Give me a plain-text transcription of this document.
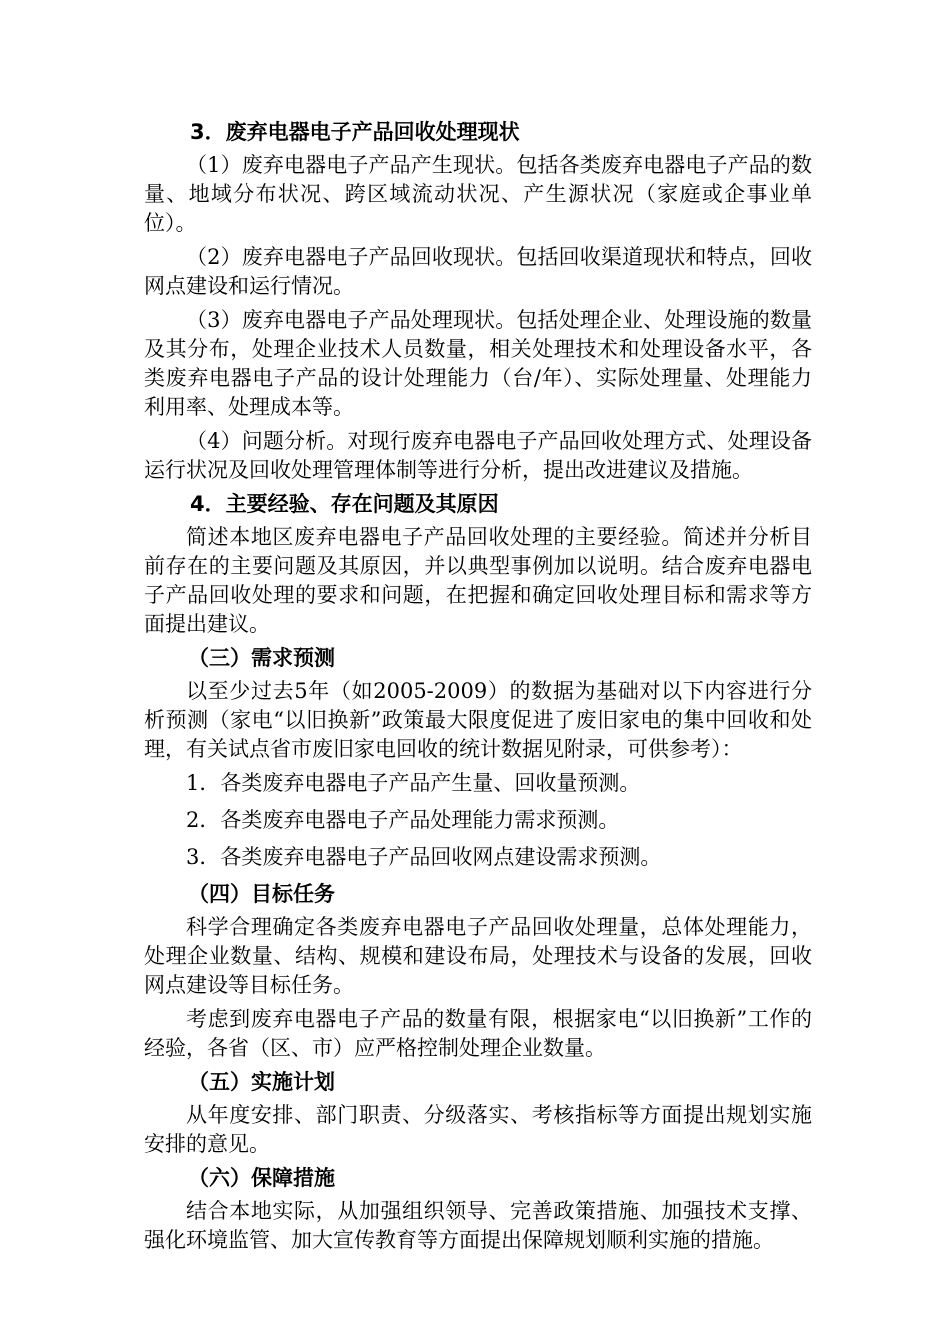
3．废弃电器电子产品回收处理现状

（1）废弃电器电子产品产生现状。包括各类废弃电器电子产品的数量、地域分布状况、跨区域流动状况、产生源状况（家庭或企事业单位）。

（2）废弃电器电子产品回收现状。包括回收渠道现状和特点，回收网点建设和运行情况。

（3）废弃电器电子产品处理现状。包括处理企业、处理设施的数量及其分布，处理企业技术人员数量，相关处理技术和处理设备水平，各类废弃电器电子产品的设计处理能力（台/年）、实际处理量、处理能力利用率、处理成本等。

（4）问题分析。对现行废弃电器电子产品回收处理方式、处理设备运行状况及回收处理管理体制等进行分析，提出改进建议及措施。

4．主要经验、存在问题及其原因

简述本地区废弃电器电子产品回收处理的主要经验。简述并分析目前存在的主要问题及其原因，并以典型事例加以说明。结合废弃电器电子产品回收处理的要求和问题，在把握和确定回收处理目标和需求等方面提出建议。

（三）需求预测

以至少过去5年（如2005-2009）的数据为基础对以下内容进行分析预测（家电“以旧换新”政策最大限度促进了废旧家电的集中回收和处理，有关试点省市废旧家电回收的统计数据见附录，可供参考）：

1．各类废弃电器电子产品产生量、回收量预测。

2．各类废弃电器电子产品处理能力需求预测。

3．各类废弃电器电子产品回收网点建设需求预测。

（四）目标任务

科学合理确定各类废弃电器电子产品回收处理量，总体处理能力，处理企业数量、结构、规模和建设布局，处理技术与设备的发展，回收网点建设等目标任务。

考虑到废弃电器电子产品的数量有限，根据家电“以旧换新”工作的经验，各省（区、市）应严格控制处理企业数量。

（五）实施计划

从年度安排、部门职责、分级落实、考核指标等方面提出规划实施安排的意见。

（六）保障措施

结合本地实际，从加强组织领导、完善政策措施、加强技术支撑、强化环境监管、加大宣传教育等方面提出保障规划顺利实施的措施。
